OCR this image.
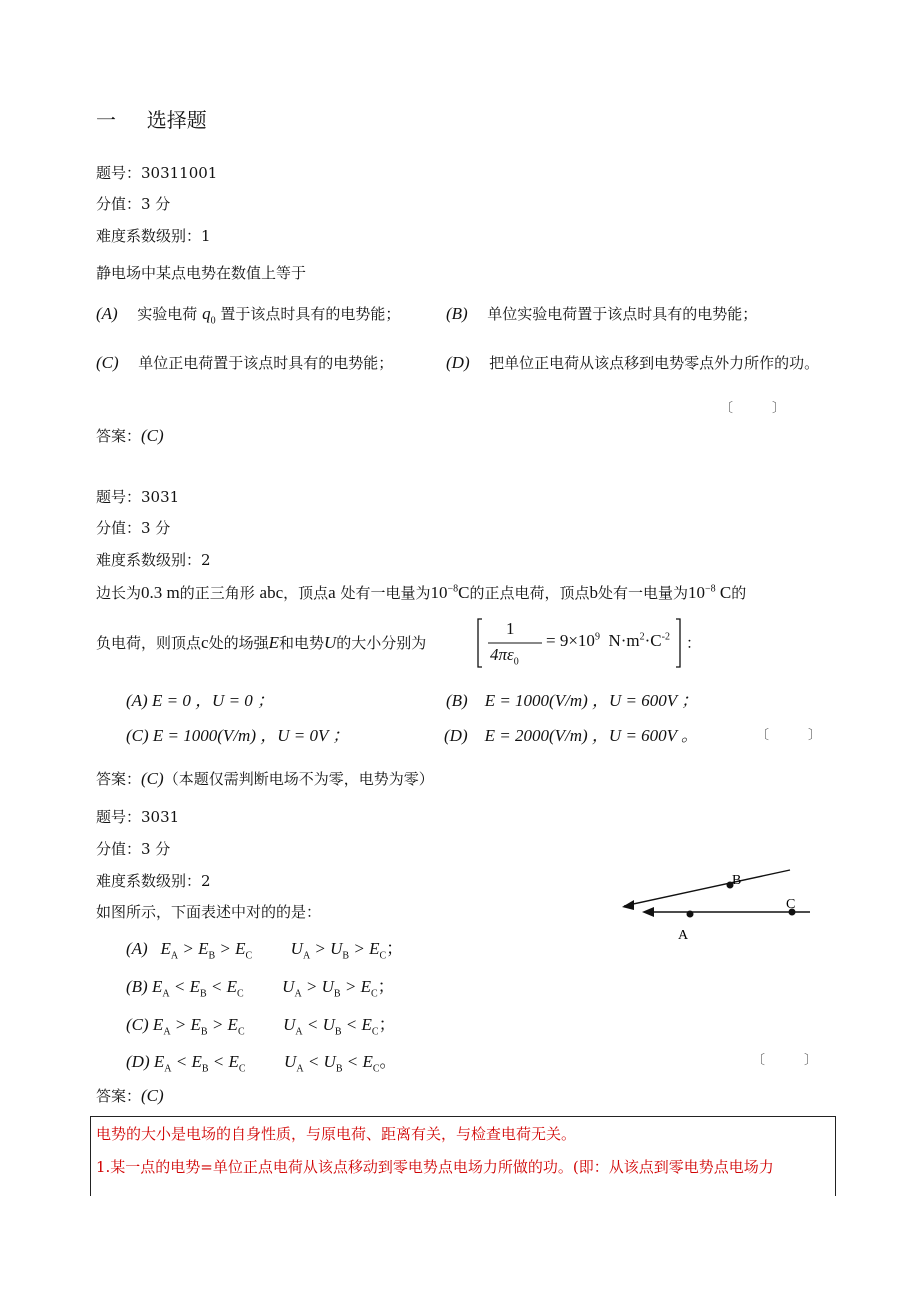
一 选择题
题号：30311001
分值：3 分
难度系数级别：1
静电场中某点电势在数值上等于
(A) 实验电荷 $q_0$ 置于该点时具有的电势能；	(B) 单位实验电荷置于该点时具有的电势能；
(C) 单位正电荷置于该点时具有的电势能；	(D) 把单位正电荷从该点移到电势零点外力所作的功。
〔　　　〕
答案：(C)
题号：3031
分值：3 分
难度系数级别：2
边长为0.3 m的正三角形 abc，顶点a 处有一电量为$10^{-8}C$的正点电荷，顶点b处有一电量为$10^{-8}$ C的
负电荷，则顶点c处的场强E和电势U的大小分别为
1
$4\pi\varepsilon_0$
= $9\times 10^9$ $N\cdot m^2\cdot C^{-2}$ ：
(A) E = 0 ，U = 0 ；	(B)　E = 1000(V/m) ，U = 600V ；
(C) E = 1000(V/m) ，U = 0V ；	(D)　E = 2000(V/m) ，U = 600V 。	〔　　　〕
答案：(C)（本题仅需判断电场不为零，电势为零）
题号：3031
分值：3 分
难度系数级别：2
如图所示，下面表述中对的的是：
B
A
C
(A) $E_A > E_B > E_C$ $U_A > U_B > E_C$；
(B) $E_A < E_B < E_C$  $U_A > U_B > E_C$；
(C) $E_A > E_B > E_C$  $U_A < U_B < E_C$；
(D) $E_A < E_B < E_C$  $U_A < U_B < E_C$。	〔　　　〕
答案：(C)
电势的大小是电场的自身性质，与原电荷、距离有关，与检查电荷无关。
1.某一点的电势=单位正点电荷从该点移动到零电势点电场力所做的功。(即：从该点到零电势点电场力
